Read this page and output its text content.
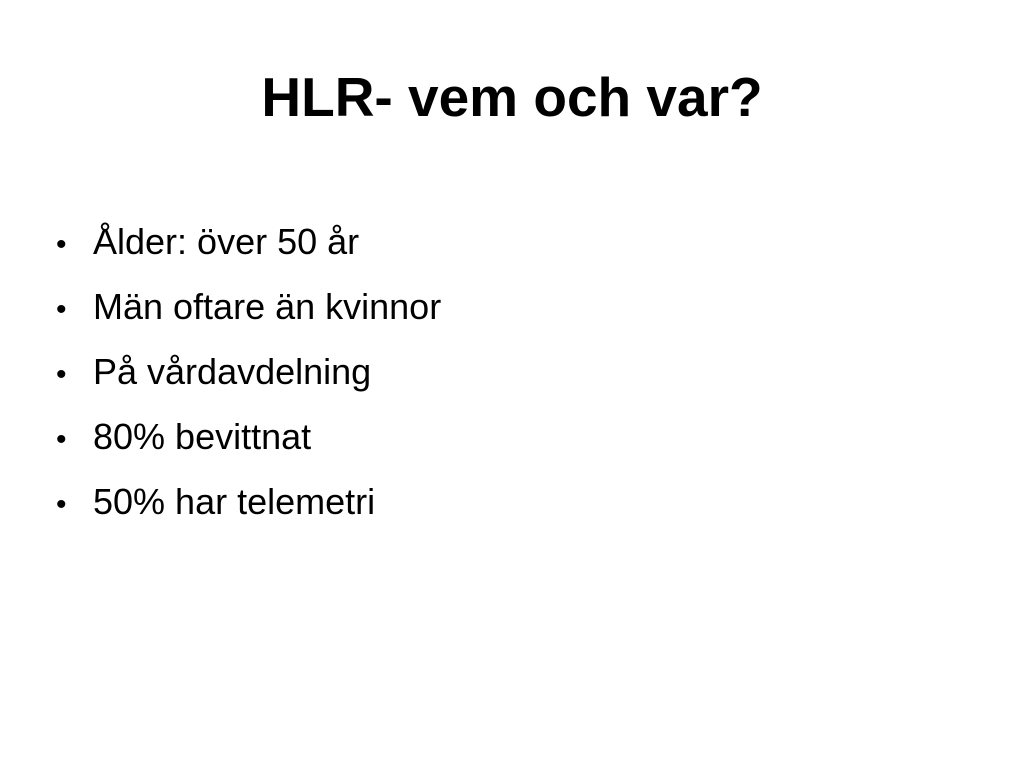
HLR- vem och var?
• Ålder: över 50 år
• Män oftare än kvinnor
• På vårdavdelning
• 80% bevittnat
• 50% har telemetri
